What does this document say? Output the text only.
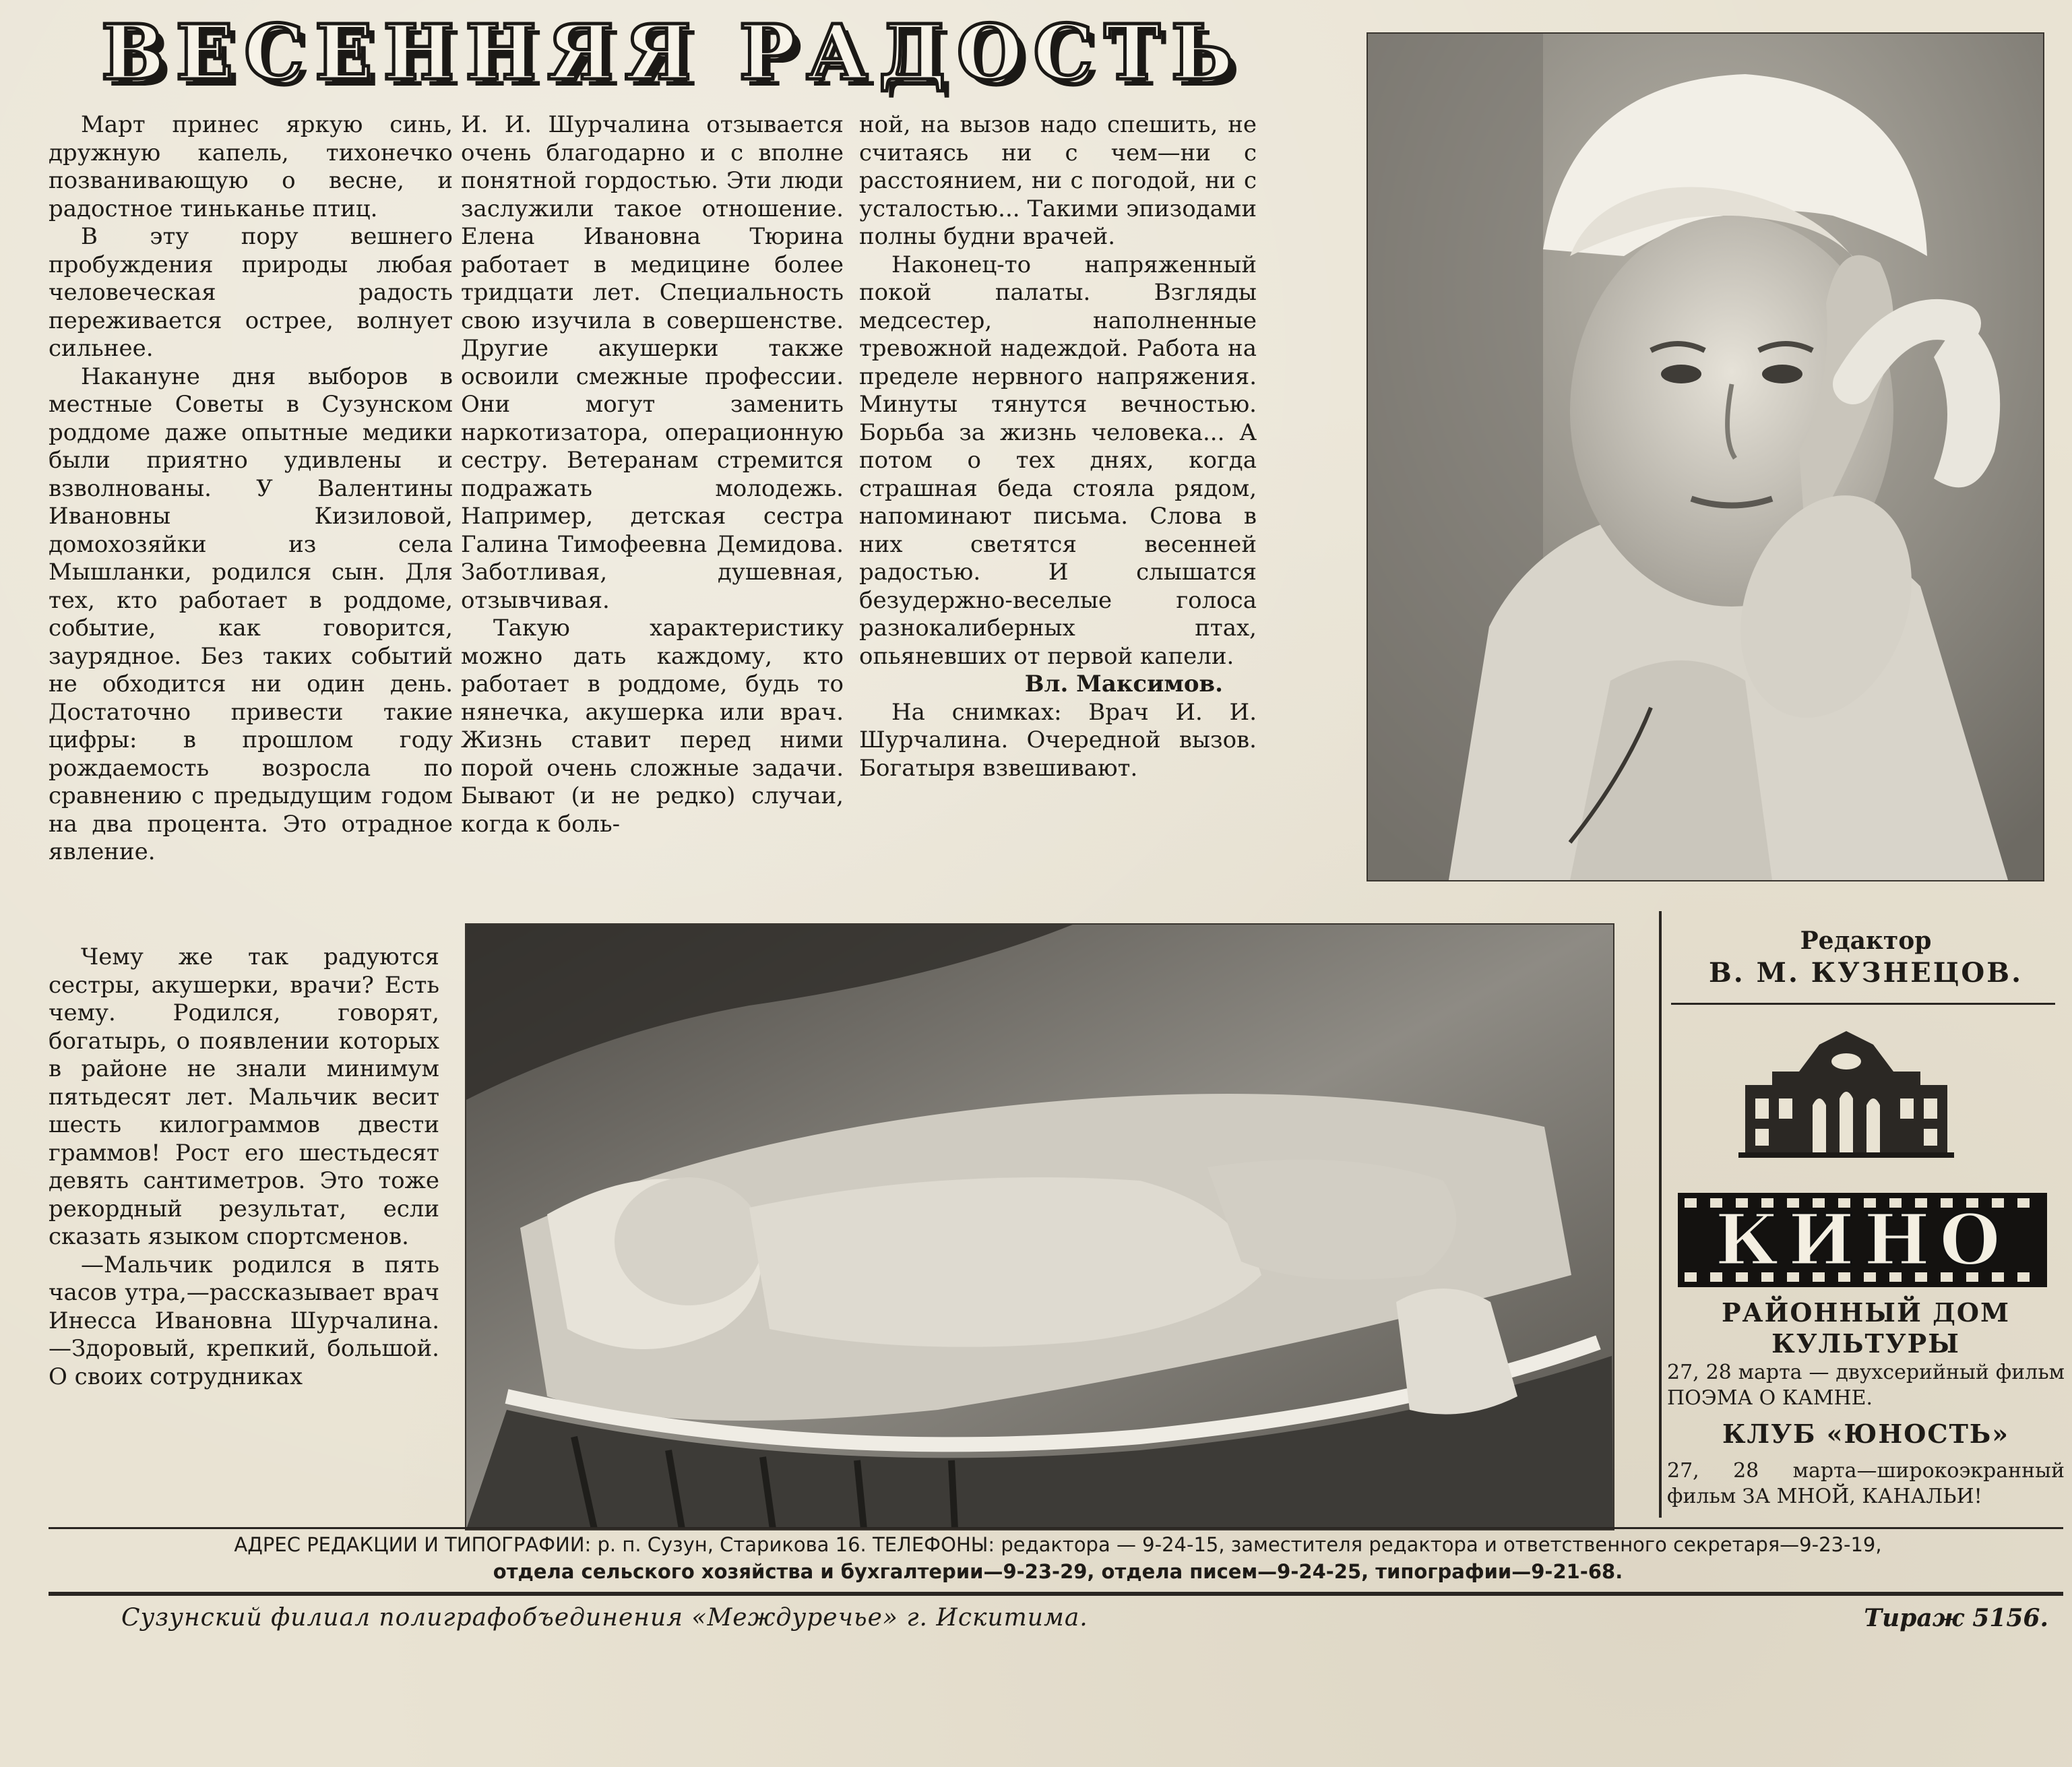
ВЕСЕННЯЯ РАДОСТЬ

Март принес яркую синь, дружную капель, тихонечко позванивающую о весне, и радостное тиньканье птиц.

В эту пору вешнего пробуждения природы любая человеческая радость переживается острее, волнует сильнее.

Накануне дня выборов в местные Советы в Сузунском роддоме даже опытные медики были приятно удивлены и взволнованы. У Валентины Ивановны Кизиловой, домохозяйки из села Мышланки, родился сын. Для тех, кто работает в роддоме, событие, как говорится, заурядное. Без таких событий не обходится ни один день. Достаточно привести такие цифры: в прошлом году рождаемость возросла по сравнению с предыдущим годом на два процента. Это отрадное явление.

И. И. Шурчалина отзывается очень благодарно и с вполне понятной гордостью. Эти люди заслужили такое отношение. Елена Ивановна Тюрина работает в медицине более тридцати лет. Специальность свою изучила в совершенстве. Другие акушерки также освоили смежные профессии. Они могут заменить наркотизатора, операционную сестру. Ветеранам стремится подражать молодежь. Например, детская сестра Галина Тимофеевна Демидова. Заботливая, душевная, отзывчивая.

Такую характеристику можно дать каждому, кто работает в роддоме, будь то нянечка, акушерка или врач. Жизнь ставит перед ними порой очень сложные задачи. Бывают (и не редко) случаи, когда к боль-

ной, на вызов надо спешить, не считаясь ни с чем—ни с расстоянием, ни с погодой, ни с усталостью... Такими эпизодами полны будни врачей.

Наконец-то напряженный покой палаты. Взгляды медсестер, наполненные тревожной надеждой. Работа на пределе нервного напряжения. Минуты тянутся вечностью. Борьба за жизнь человека... А потом о тех днях, когда страшная беда стояла рядом, напоминают письма. Слова в них светятся весенней радостью. И слышатся безудержно-веселые голоса разнокалиберных птах, опьяневших от первой капели.

Вл. Максимов.

На снимках: Врач И. И. Шурчалина. Очередной вызов. Богатыря взвешивают.

Чему же так радуются сестры, акушерки, врачи? Есть чему. Родился, говорят, богатырь, о появлении которых в районе не знали минимум пятьдесят лет. Мальчик весит шесть килограммов двести граммов! Рост его шестьдесят девять сантиметров. Это тоже рекордный результат, если сказать языком спортсменов.

—Мальчик родился в пять часов утра,—рассказывает врач Инесса Ивановна Шурчалина.—Здоровый, крепкий, большой. О своих сотрудниках

Редактор

В. М. КУЗНЕЦОВ.

КИНО

РАЙОННЫЙ ДОМ КУЛЬТУРЫ

27, 28 марта — двухсерийный фильм ПОЭМА О КАМНЕ.

КЛУБ «ЮНОСТЬ»

27, 28 марта—широкоэкранный фильм ЗА МНОЙ, КАНАЛЬИ!

АДРЕС РЕДАКЦИИ И ТИПОГРАФИИ: р. п. Сузун, Старикова 16. ТЕЛЕФОНЫ: редактора — 9-24-15, заместителя редактора и ответственного секретаря—9-23-19,
отдела сельского хозяйства и бухгалтерии—9-23-29, отдела писем—9-24-25, типографии—9-21-68.

Сузунский филиал полиграфобъединения «Междуречье» г. Искитима.	Тираж 5156.
